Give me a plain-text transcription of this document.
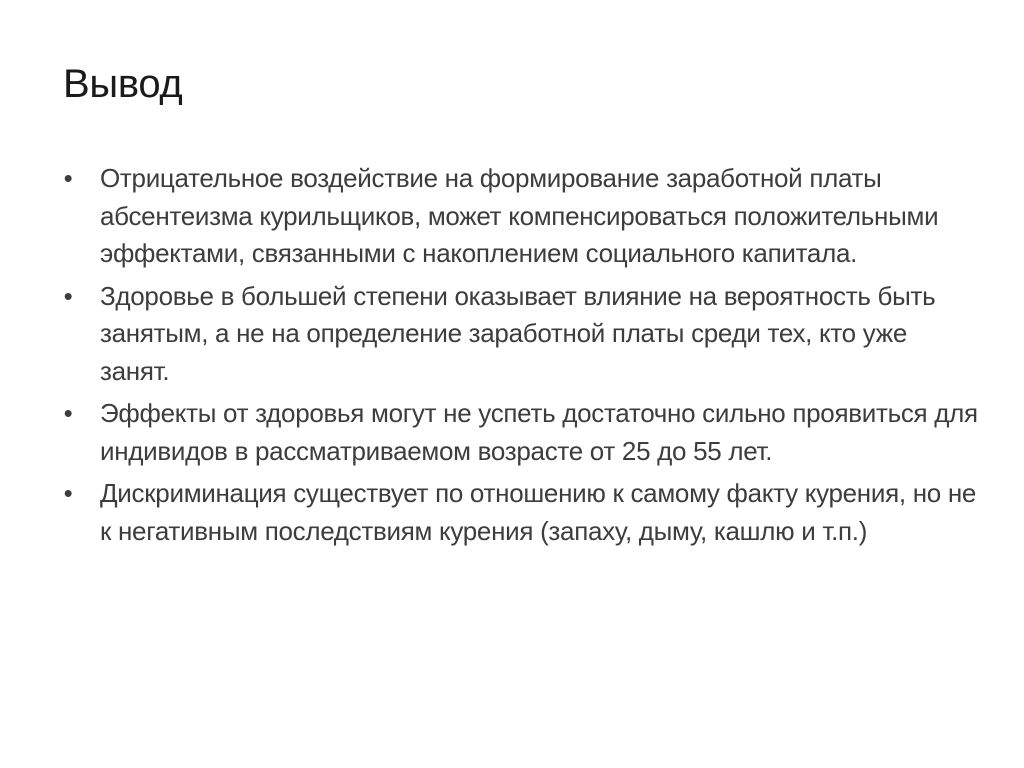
Вывод
• Отрицательное воздействие на формирование заработной платы абсентеизма курильщиков, может компенсироваться положительными эффектами, связанными с накоплением социального капитала.
• Здоровье в большей степени оказывает влияние на вероятность быть занятым, а не на определение заработной платы среди тех, кто уже занят.
• Эффекты от здоровья могут не успеть достаточно сильно проявиться для индивидов в рассматриваемом возрасте от 25 до 55 лет.
• Дискриминация существует по отношению к самому факту курения, но не к негативным последствиям курения (запаху, дыму, кашлю и т.п.)
